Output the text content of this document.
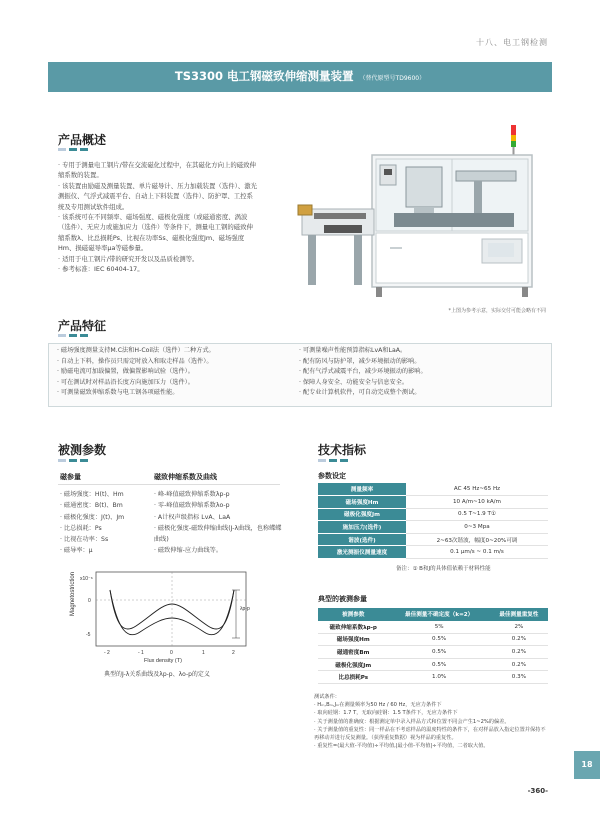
十八、电工钢检测
TS3300 电工钢磁致伸缩测量装置 （替代原型号TD9600）
产品概述

· 专用于测量电工钢片/带在交流磁化过程中，在其磁化方向上的磁致伸缩系数的装置。

· 该装置由励磁及测量装置、单片磁导计、压力加载装置（选件）、激光测振仪、气浮式减震平台、自动上下料装置（选件）、防护罩、工控系统及专用测试软件组成。

· 该系统可在不同频率、磁场强度、磁极化强度（或磁通密度、涡波（选件）、无应力或施加应力（选件）等条件下，测量电工钢的磁致伸缩系数λ、比总损耗Ps、比视在功率Ss、磁极化强度Jm、磁场强度Hm、损磁磁导率μa等磁参量。

· 适用于电工钢片/带的研究开发以及品质检测等。

· 参考标准：IEC 60404-17。

*上图为参考示意，实际交付可能会略有不同
产品特征
· 磁场强度测量支持M.C法和H-Coil法（选件）二种方式。
· 自动上下料，操作员只需定时放入和取走样品（选件）。
· 励磁电流可加载偏置，做偏置影响试验（选件）。
· 可在测试时对样品沿长度方向施加压力（选件）。
· 可测量磁致伸缩系数与电工钢各项磁性能。
· 可测量噪声性能预算指标LvA和LaA。
· 配有防风与防护罩，减少环境振动的影响。
· 配有气浮式减震平台，减少环境振动的影响。
· 保障人身安全、功能安全与信息安全。
· 配专业计算机软件，可自动完成整个测试。
被测参数
磁参量	磁致伸缩系数及曲线
· 磁场强度：H(t)、Hm
· 磁通密度：B(t)、Bm
· 磁极化强度：J(t)、Jm
· 比总损耗：Ps
· 比视在功率：Ss
· 磁导率：μ
· 峰-峰值磁致伸缩系数λp-p
· 零-峰值磁致伸缩系数λo-p
· A计权声级指标 LvA、LaA
· 磁极化强度-磁致伸缩曲线(J-λ曲线，也称蝶蝶曲线)
· 磁致伸缩-应力曲线等。
Magnetostriction x10⁻⁶
0
-5
- 2	- 1	0	1	2
Flux density (T)
λp-p
典型的J-λ关系曲线及λp-p、λo-p的定义
技术指标
参数设定
测量频率	AC 45 Hz~65 Hz
磁场强度Hm	10 A/m~10 kA/m
磁极化强度Jm	0.5 T~1.9 T①
施加压力(选件)	0~3 Mpa
谐波(选件)	2~63次谐波，幅度0~20%可调
激光测振仪测量速度	0.1 μm/s ~ 0.1 m/s
备注：① B和J的具体值依赖于材料性能
典型的被测参量
被测参数	最佳测量不确定度（k=2）	最佳测量重复性
磁致伸缩系数λp-p	5%	2%
磁场强度Hm	0.5%	0.2%
磁通密度Bm	0.5%	0.2%
磁极化强度Jm	0.5%	0.2%
比总损耗Ps	1.0%	0.3%
测试条件：
· Hₘ,Bₘ,Jₘ在测量频率为50 Hz / 60 Hz，无应力条件下
· 取向硅钢：1.7 T，无取向硅钢：1.5 T条件下，无应力条件下
· 关于测量值的准确度：根据测定单中录入样品方式和位置不同会产生1~2%的偏差。
· 关于测量值的重复性：同一样品在不考虑样品的温度特性的条件下，在对样品放入指定位置并保持不再移动并进行反复测量。（获得重复数据）视为样品的重复性。
· 重复性=(最大值-平均值)÷平均值,|最小值-平均值|÷平均值，二者取大值。
18
-360-
